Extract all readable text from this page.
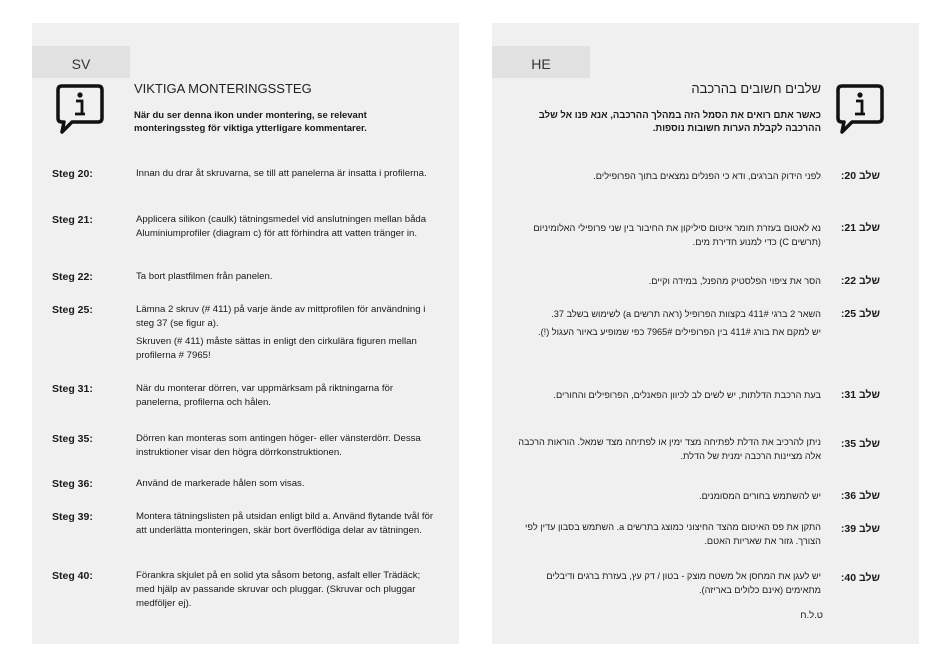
SV
VIKTIGA MONTERINGSSTEG
När du ser denna ikon under montering, se relevant monteringssteg för viktiga ytterligare kommentarer.
Steg 20:	Innan du drar åt skruvarna, se till att panelerna är insatta i profilerna.
Steg 21:	Applicera silikon (caulk) tätningsmedel vid anslutningen mellan båda Aluminiumprofiler (diagram c) för att förhindra att vatten tränger in.
Steg 22:	Ta bort plastfilmen från panelen.
Steg 25:	Lämna 2 skruv (# 411) på varje ände av mittprofilen för användning i steg 37 (se figur a).
Skruven (# 411) måste sättas in enligt den cirkulära figuren mellan profilerna # 7965!
Steg 31:	När du monterar dörren, var uppmärksam på riktningarna för panelerna, profilerna och hålen.
Steg 35:	Dörren kan monteras som antingen höger- eller vänsterdörr. Dessa instruktioner visar den högra dörrkonstruktionen.
Steg 36:	Använd de markerade hålen som visas.
Steg 39:	Montera tätningslisten på utsidan enligt bild a. Använd flytande tvål för att underlätta monteringen, skär bort överflödiga delar av tätningen.
Steg 40:	Förankra skjulet på en solid yta såsom betong, asfalt eller Trädäck; med hjälp av passande skruvar och pluggar. (Skruvar och pluggar medföljer ej).
HE
שלבים חשובים בהרכבה
כאשר אתם רואים את הסמל הזה במהלך ההרכבה, אנא פנו אל שלב ההרכבה לקבלת הערות חשובות נוספות.
שלב 20:
לפני הידוק הברגים, ודא כי הפנלים נמצאים בתוך הפרופילים.
שלב 21:
נא לאטום בעזרת חומר איטום סיליקון את החיבור בין שני פרופילי האלומיניום (תרשים C) כדי למנוע חדירת מים.
שלב 22:
הסר את ציפוי הפלסטיק מהפנל, במידה וקיים.
שלב 25:
השאר 2 ברגי 411# בקצוות הפרופיל (ראה תרשים a) לשימוש בשלב 37.
יש למקם את בורג 411# בין הפרופילים 7965# כפי שמופיע באיור העגול (!).
שלב 31:
בעת הרכבת הדלתות, יש לשים לב לכיוון הפאנלים, הפרופילים והחורים.
שלב 35:
ניתן להרכיב את הדלת לפתיחה מצד ימין או לפתיחה מצד שמאל. הוראות הרכבה אלה מציינות הרכבה ימנית של הדלת.
שלב 36:
יש להשתמש בחורים המסומנים.
שלב 39:
התקן את פס האיטום מהצד החיצוני כמוצג בתרשים a. השתמש בסבון עדין לפי הצורך. גזור את שאריות האטם.
שלב 40:
יש לעגן את המחסן אל משטח מוצק - בטון / דק עץ, בעזרת ברגים ודיבלים מתאימים (אינם כלולים באריזה).
ט.ל.ח
